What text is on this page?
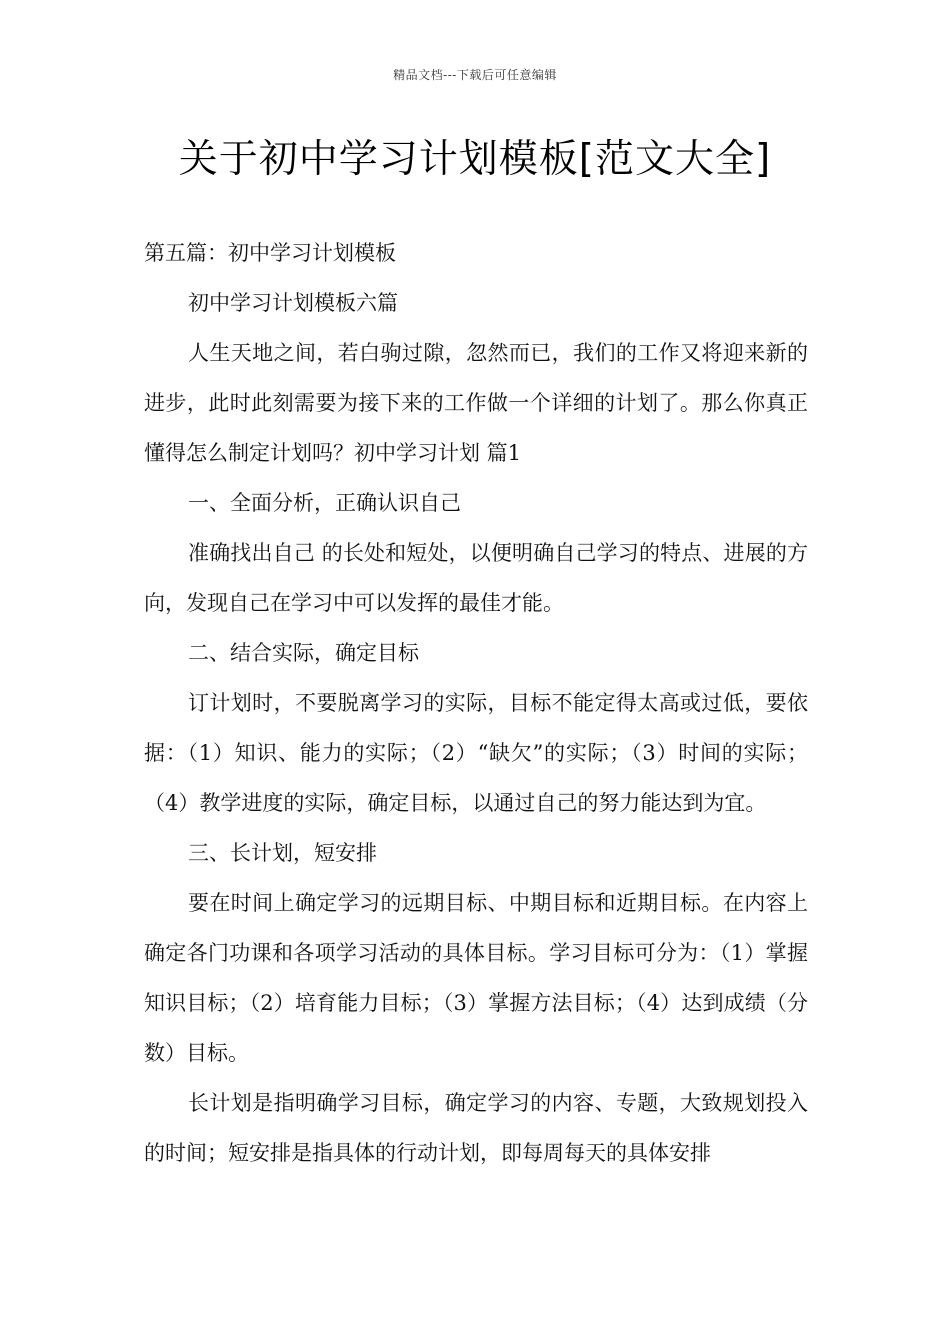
精品文档---下载后可任意编辑
关于初中学习计划模板[范文大全]

第五篇：初中学习计划模板

初中学习计划模板六篇

人生天地之间，若白驹过隙，忽然而已，我们的工作又将迎来新的进步，此时此刻需要为接下来的工作做一个详细的计划了。那么你真正懂得怎么制定计划吗？初中学习计划 篇1

一、全面分析，正确认识自己

准确找出自己 的长处和短处，以便明确自己学习的特点、进展的方向，发现自己在学习中可以发挥的最佳才能。

二、结合实际，确定目标

订计划时，不要脱离学习的实际，目标不能定得太高或过低，要依据：（1）知识、能力的实际；（2）“缺欠”的实际；（3）时间的实际；（4）教学进度的实际，确定目标，以通过自己的努力能达到为宜。

三、长计划，短安排

要在时间上确定学习的远期目标、中期目标和近期目标。在内容上确定各门功课和各项学习活动的具体目标。学习目标可分为：（1）掌握知识目标；（2）培育能力目标；（3）掌握方法目标；（4）达到成绩（分数）目标。

长计划是指明确学习目标，确定学习的内容、专题，大致规划投入的时间；短安排是指具体的行动计划，即每周每天的具体安排
